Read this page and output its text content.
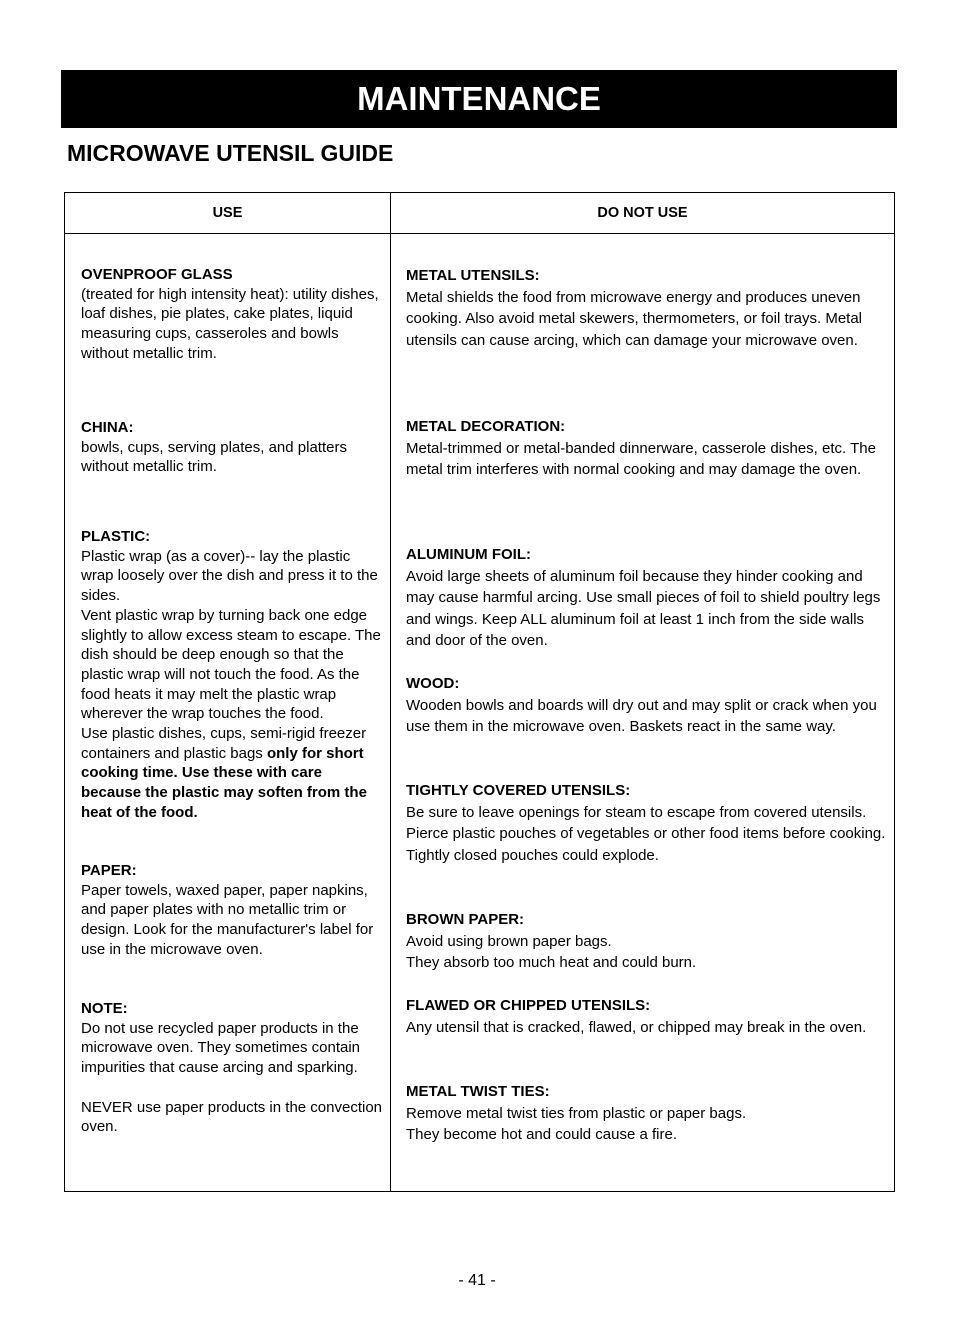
MAINTENANCE
MICROWAVE UTENSIL GUIDE
USE	DO NOT USE
OVENPROOF GLASS

(treated for high intensity heat): utility dishes, loaf dishes, pie plates, cake plates, liquid measuring cups, casseroles and bowls without metallic trim.

CHINA:

bowls, cups, serving plates, and platters without metallic trim.

PLASTIC:

Plastic wrap (as a cover)-- lay the plastic wrap loosely over the dish and press it to the sides.

Vent plastic wrap by turning back one edge slightly to allow excess steam to escape. The dish should be deep enough so that the plastic wrap will not touch the food. As the food heats it may melt the plastic wrap wherever the wrap touches the food.

Use plastic dishes, cups, semi-rigid freezer containers and plastic bags only for short cooking time. Use these with care because the plastic may soften from the heat of the food.

PAPER:

Paper towels, waxed paper, paper napkins, and paper plates with no metallic trim or design. Look for the manufacturer's label for use in the microwave oven.

NOTE:

Do not use recycled paper products in the microwave oven. They sometimes contain impurities that cause arcing and sparking.

NEVER use paper products in the convection oven.

METAL UTENSILS:

Metal shields the food from microwave energy and produces uneven cooking. Also avoid metal skewers, thermometers, or foil trays. Metal utensils can cause arcing, which can damage your microwave oven.

METAL DECORATION:

Metal-trimmed or metal-banded dinnerware, casserole dishes, etc. The metal trim interferes with normal cooking and may damage the oven.

ALUMINUM FOIL:

Avoid large sheets of aluminum foil because they hinder cooking and may cause harmful arcing. Use small pieces of foil to shield poultry legs and wings. Keep ALL aluminum foil at least 1 inch from the side walls and door of the oven.

WOOD:

Wooden bowls and boards will dry out and may split or crack when you use them in the microwave oven. Baskets react in the same way.

TIGHTLY COVERED UTENSILS:

Be sure to leave openings for steam to escape from covered utensils. Pierce plastic pouches of vegetables or other food items before cooking. Tightly closed pouches could explode.

BROWN PAPER:

Avoid using brown paper bags.

They absorb too much heat and could burn.

FLAWED OR CHIPPED UTENSILS:

Any utensil that is cracked, flawed, or chipped may break in the oven.

METAL TWIST TIES:

Remove metal twist ties from plastic or paper bags.

They become hot and could cause a fire.

- 41 -
